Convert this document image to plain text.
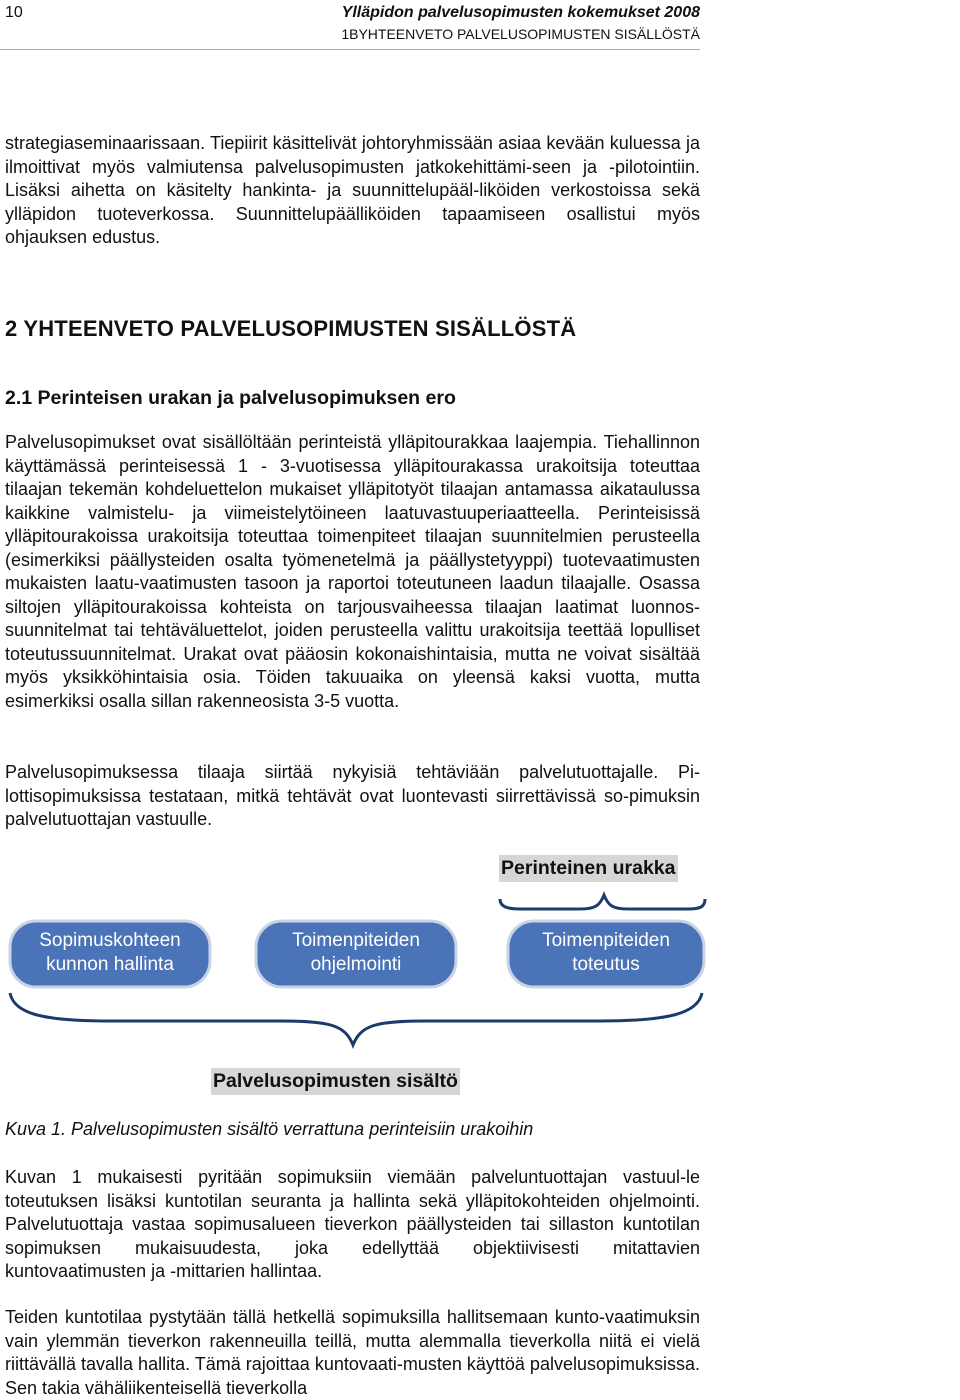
10	Ylläpidon palvelusopimusten kokemukset 2008
1BYHTEENVETO PALVELUSOPIMUSTEN SISÄLLÖSTÄ
strategiaseminaarissaan. Tiepiirit käsittelivät johtoryhmissään asiaa kevään kuluessa ja ilmoittivat myös valmiutensa palvelusopimusten jatkokehittämi-seen ja -pilotointiin. Lisäksi aihetta on käsitelty hankinta- ja suunnittelupääl-liköiden verkostoissa sekä ylläpidon tuoteverkossa. Suunnittelupäälliköiden tapaamiseen osallistui myös ohjauksen edustus.
2 YHTEENVETO PALVELUSOPIMUSTEN SISÄLLÖSTÄ
2.1 Perinteisen urakan ja palvelusopimuksen ero
Palvelusopimukset ovat sisällöltään perinteistä ylläpitourakkaa laajempia. Tiehallinnon käyttämässä perinteisessä 1 - 3-vuotisessa ylläpitourakassa urakoitsija toteuttaa tilaajan tekemän kohdeluettelon mukaiset ylläpitotyöt tilaajan antamassa aikataulussa kaikkine valmistelu- ja viimeistelytöineen laatuvastuuperiaatteella. Perinteisissä ylläpitourakoissa urakoitsija toteuttaa toimenpiteet tilaajan suunnitelmien perusteella (esimerkiksi päällysteiden osalta työmenetelmä ja päällystetyyppi) tuotevaatimusten mukaisten laatu-vaatimusten tasoon ja raportoi toteutuneen laadun tilaajalle. Osassa siltojen ylläpitourakoissa kohteista on tarjousvaiheessa tilaajan laatimat luonnos-suunnitelmat tai tehtäväluettelot, joiden perusteella valittu urakoitsija teettää lopulliset toteutussuunnitelmat. Urakat ovat pääosin kokonaishintaisia, mutta ne voivat sisältää myös yksikköhintaisia osia. Töiden takuuaika on yleensä kaksi vuotta, mutta esimerkiksi osalla sillan rakenneosista 3-5 vuotta.
Palvelusopimuksessa tilaaja siirtää nykyisiä tehtäviään palvelutuottajalle. Pi-lottisopimuksissa testataan, mitkä tehtävät ovat luontevasti siirrettävissä so-pimuksin palvelutuottajan vastuulle.
Perinteinen urakka
Sopimuskohteen
kunnon hallinta
Toimenpiteiden
ohjelmointi
Toimenpiteiden
toteutus
Palvelusopimusten sisältö
Kuva 1. Palvelusopimusten sisältö verrattuna perinteisiin urakoihin
Kuvan 1 mukaisesti pyritään sopimuksiin viemään palveluntuottajan vastuul-le toteutuksen lisäksi kuntotilan seuranta ja hallinta sekä ylläpitokohteiden ohjelmointi. Palvelutuottaja vastaa sopimusalueen tieverkon päällysteiden tai sillaston kuntotilan sopimuksen mukaisuudesta, joka edellyttää objektiivisesti mitattavien kuntovaatimusten ja -mittarien hallintaa.
Teiden kuntotilaa pystytään tällä hetkellä sopimuksilla hallitsemaan kunto-vaatimuksin vain ylemmän tieverkon rakenneuilla teillä, mutta alemmalla tieverkolla niitä ei vielä riittävällä tavalla hallita. Tämä rajoittaa kuntovaati-musten käyttöä palvelusopimuksissa. Sen takia vähäliikenteisellä tieverkolla
